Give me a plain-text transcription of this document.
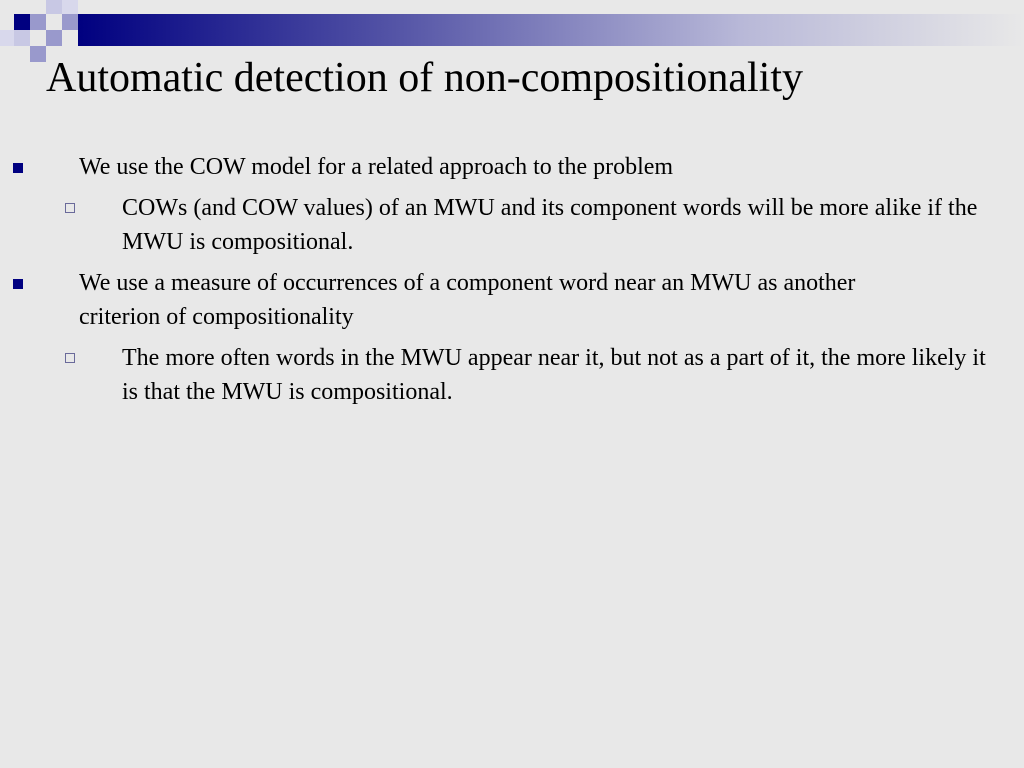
Automatic detection of non-compositionality
We use the COW model for a related approach to the problem
COWs (and COW values) of an MWU and its component words will be more alike if the MWU is compositional.
We use a measure of occurrences of a component word near an MWU as another criterion of compositionality
The more often words in the MWU appear near it, but not as a part of it, the more likely it is that the MWU is compositional.
